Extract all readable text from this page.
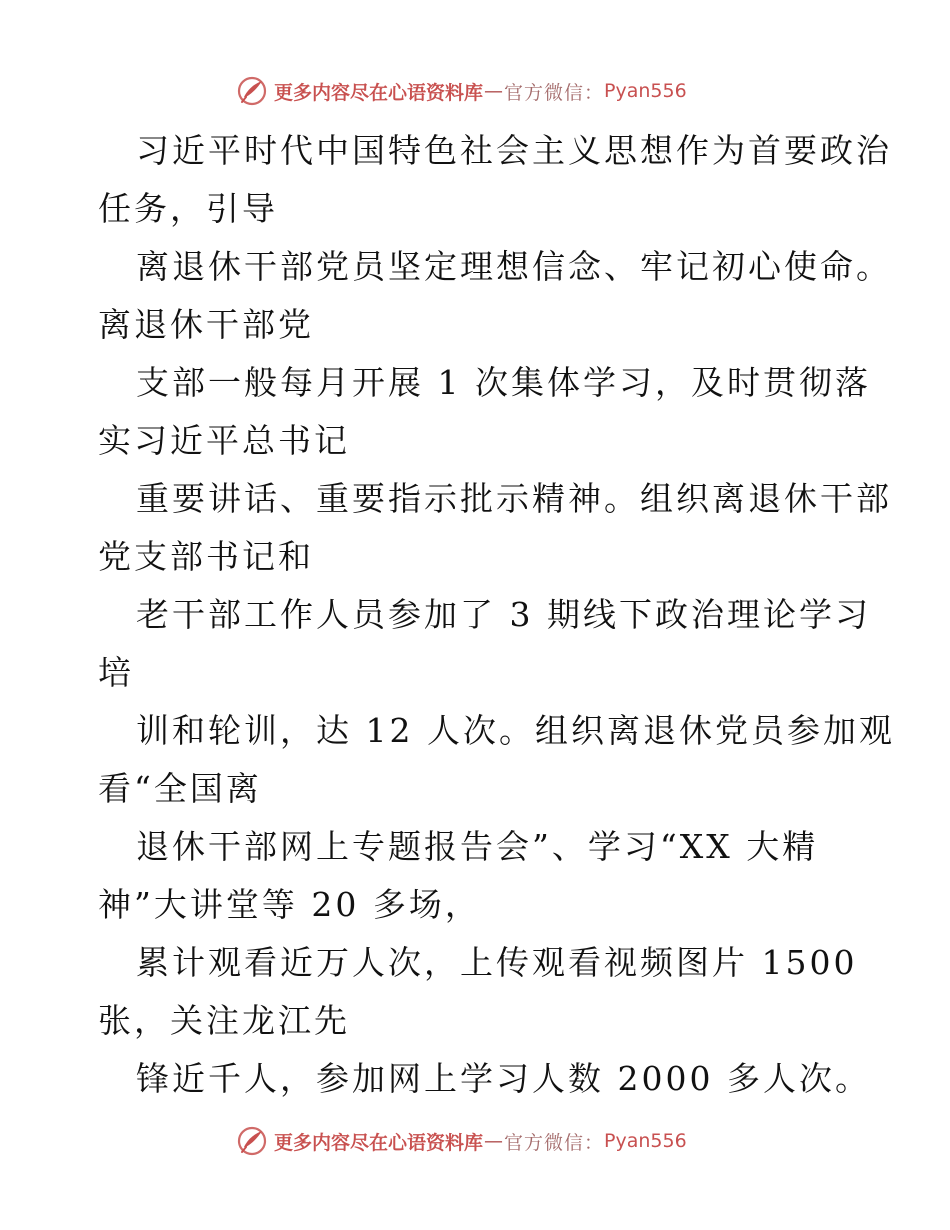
更多内容尽在心语资料库 — 官方微信： Pyan556
习近平时代中国特色社会主义思想作为首要政治
任务，引导
离退休干部党员坚定理想信念、牢记初心使命。
离退休干部党
支部一般每月开展 1 次集体学习，及时贯彻落
实习近平总书记
重要讲话、重要指示批示精神。组织离退休干部
党支部书记和
老干部工作人员参加了 3 期线下政治理论学习
培
训和轮训，达 12 人次。组织离退休党员参加观
看“全国离
退休干部网上专题报告会”、学习“XX 大精
神”大讲堂等 20 多场，
累计观看近万人次，上传观看视频图片 1500
张，关注龙江先
锋近千人，参加网上学习人数 2000 多人次。
更多内容尽在心语资料库 — 官方微信： Pyan556
